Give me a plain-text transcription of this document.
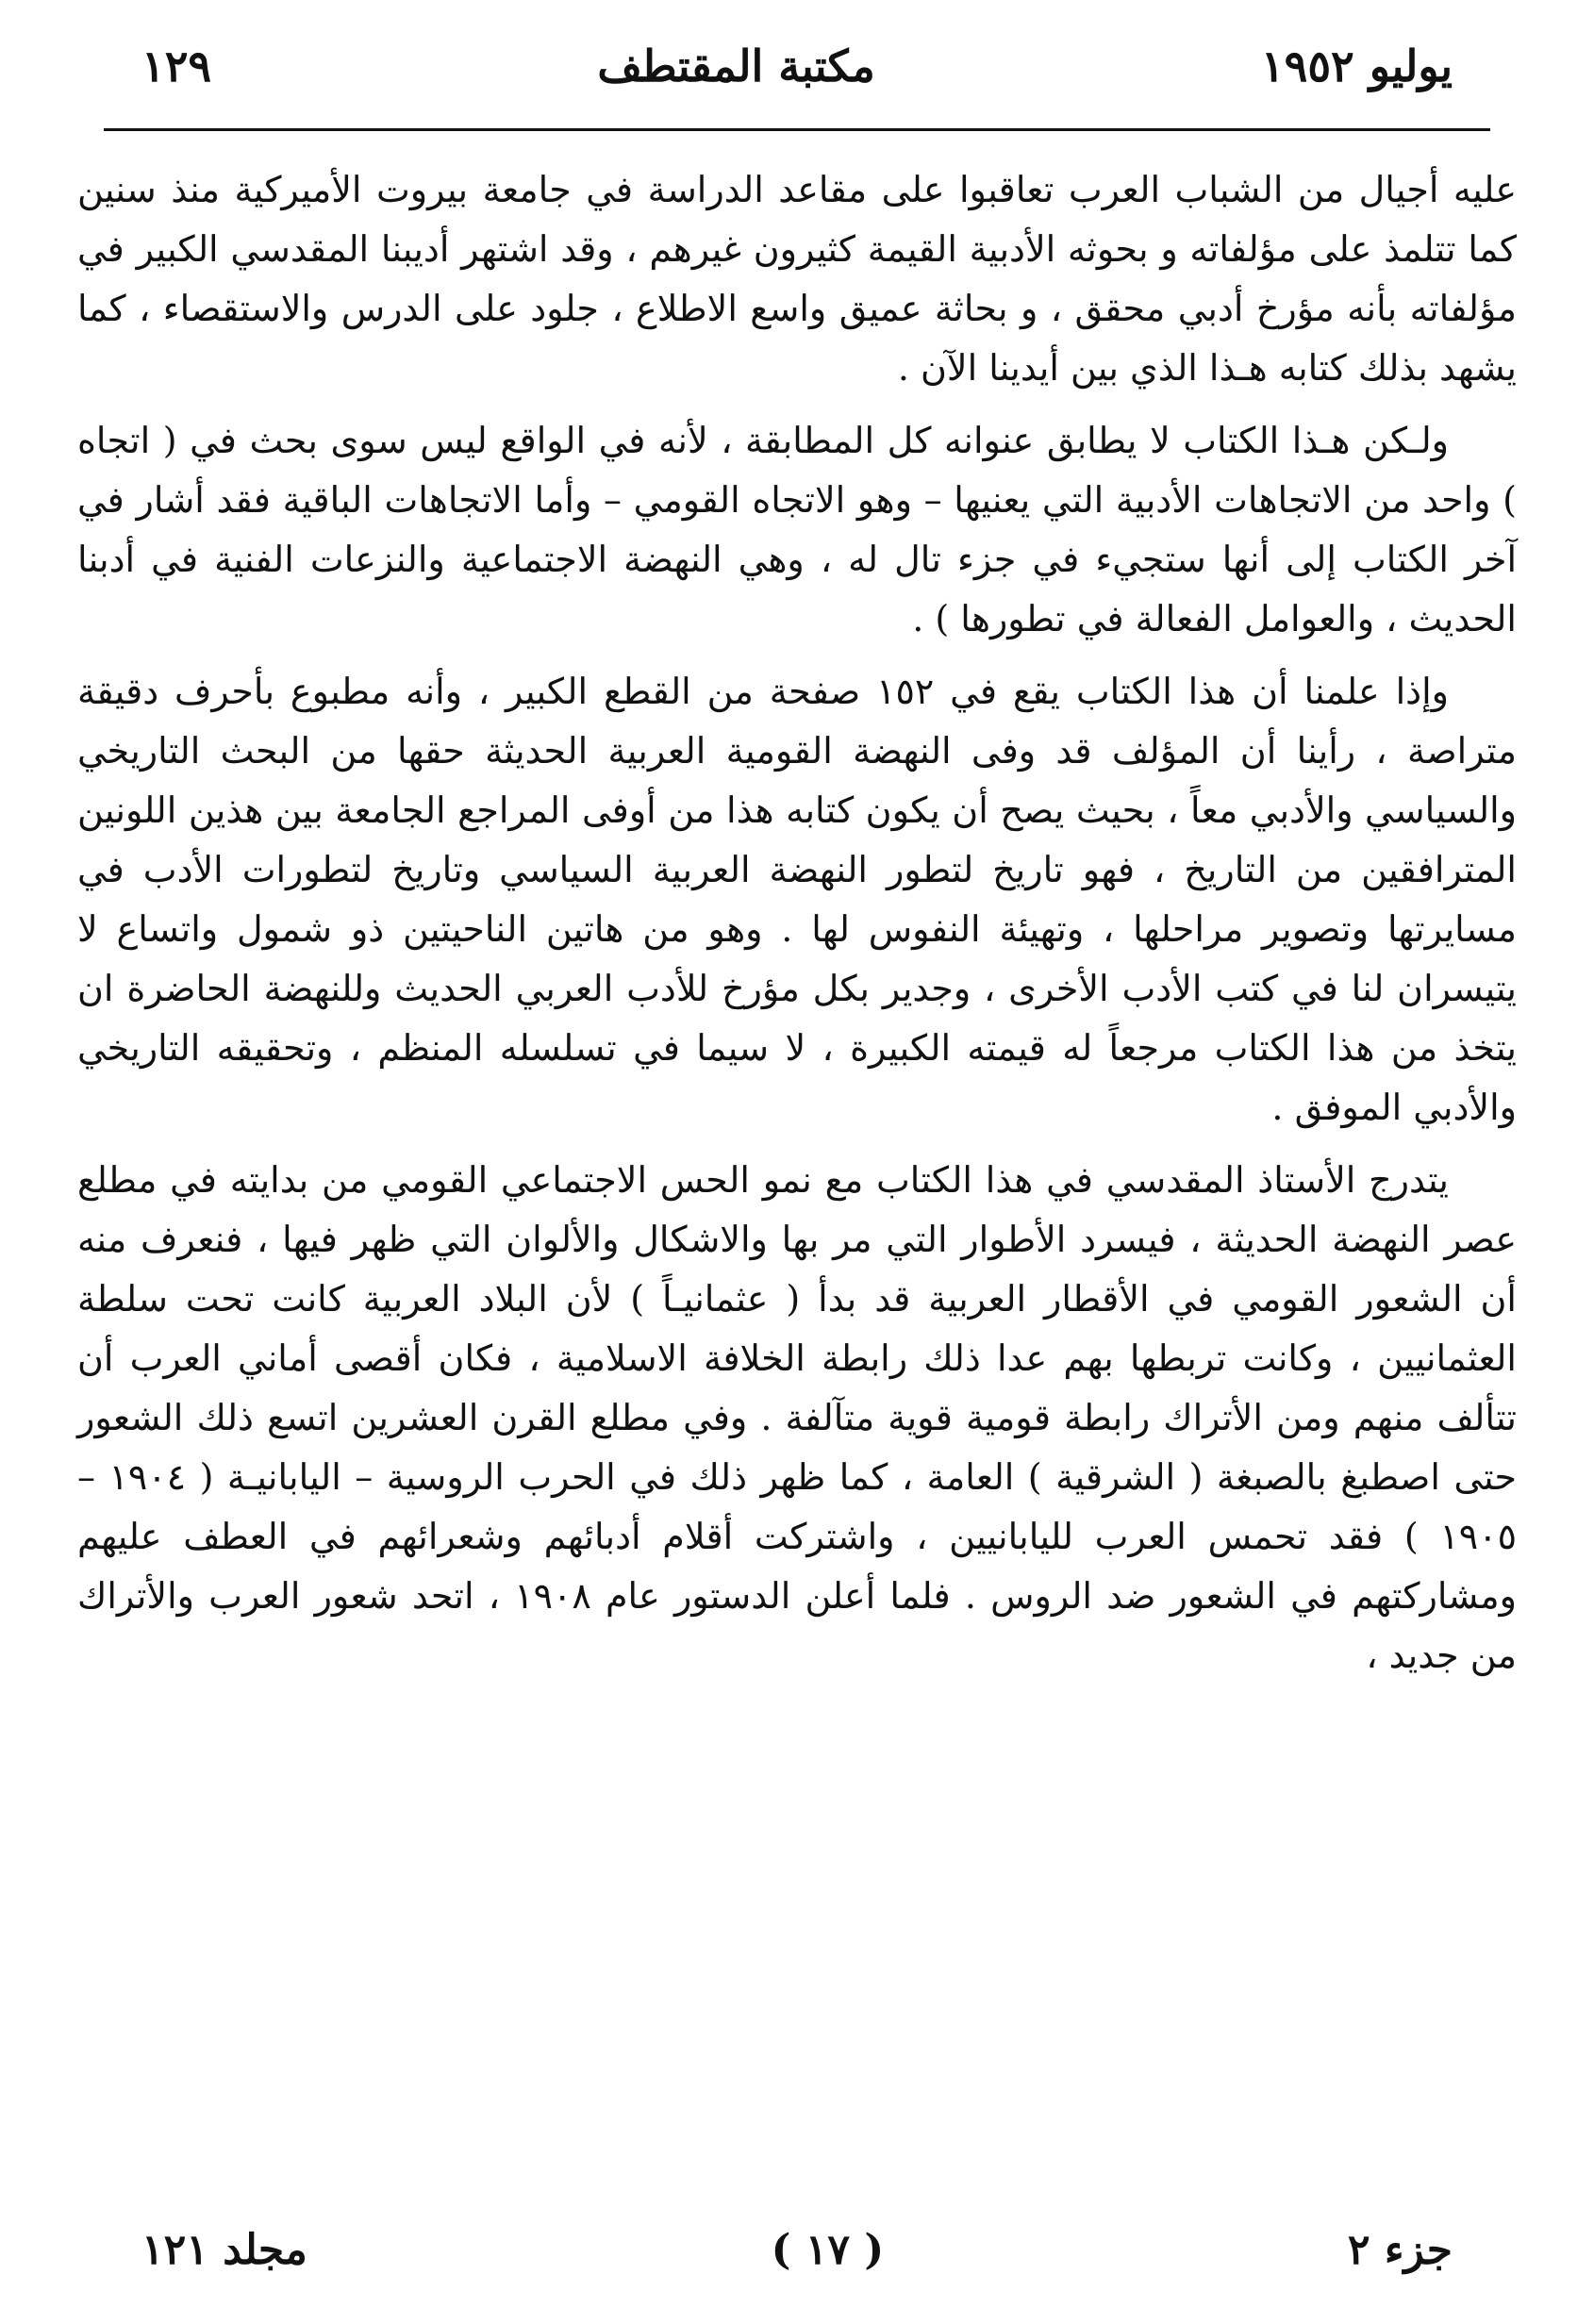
يوليو ١٩٥٢
مكتبة المقتطف
١٢٩

عليه أجيال من الشباب العرب تعاقبوا على مقاعد الدراسة في جامعة بيروت الأميركية منذ سنين كما تتلمذ على مؤلفاته و بحوثه الأدبية القيمة كثيرون غيرهم ، وقد اشتهر أديبنا المقدسي الكبير في مؤلفاته بأنه مؤرخ أدبي محقق ، و بحاثة عميق واسع الاطلاع ، جلود على الدرس والاستقصاء ، كما يشهد بذلك كتابه هـذا الذي بين أيدينا الآن .

ولـكن هـذا الكتاب لا يطابق عنوانه كل المطابقة ، لأنه في الواقع ليس سوى بحث في ( اتجاه ) واحد من الاتجاهات الأدبية التي يعنيها – وهو الاتجاه القومي – وأما الاتجاهات الباقية فقد أشار في آخر الكتاب إلى أنها ستجيء في جزء تال له ، وهي النهضة الاجتماعية والنزعات الفنية في أدبنا الحديث ، والعوامل الفعالة في تطورها ) .

وإذا علمنا أن هذا الكتاب يقع في ١٥٢ صفحة من القطع الكبير ، وأنه مطبوع بأحرف دقيقة متراصة ، رأينا أن المؤلف قد وفى النهضة القومية العربية الحديثة حقها من البحث التاريخي والسياسي والأدبي معاً ، بحيث يصح أن يكون كتابه هذا من أوفى المراجع الجامعة بين هذين اللونين المترافقين من التاريخ ، فهو تاريخ لتطور النهضة العربية السياسي وتاريخ لتطورات الأدب في مسايرتها وتصوير مراحلها ، وتهيئة النفوس لها . وهو من هاتين الناحيتين ذو شمول واتساع لا يتيسران لنا في كتب الأدب الأخرى ، وجدير بكل مؤرخ للأدب العربي الحديث وللنهضة الحاضرة ان يتخذ من هذا الكتاب مرجعاً له قيمته الكبيرة ، لا سيما في تسلسله المنظم ، وتحقيقه التاريخي والأدبي الموفق .

يتدرج الأستاذ المقدسي في هذا الكتاب مع نمو الحس الاجتماعي القومي من بدايته في مطلع عصر النهضة الحديثة ، فيسرد الأطوار التي مر بها والاشكال والألوان التي ظهر فيها ، فنعرف منه أن الشعور القومي في الأقطار العربية قد بدأ ( عثمانيـاً ) لأن البلاد العربية كانت تحت سلطة العثمانيين ، وكانت تربطها بهم عدا ذلك رابطة الخلافة الاسلامية ، فكان أقصى أماني العرب أن تتألف منهم ومن الأتراك رابطة قومية قوية متآلفة . وفي مطلع القرن العشرين اتسع ذلك الشعور حتى اصطبغ بالصبغة ( الشرقية ) العامة ، كما ظهر ذلك في الحرب الروسية – اليابانيـة ( ١٩٠٤ – ١٩٠٥ ) فقد تحمس العرب لليابانيين ، واشتركت أقلام أدبائهم وشعرائهم في العطف عليهم ومشاركتهم في الشعور ضد الروس . فلما أعلن الدستور عام ١٩٠٨ ، اتحد شعور العرب والأتراك من جديد ،

جزء ٢
( ١٧ )
مجلد ١٢١
